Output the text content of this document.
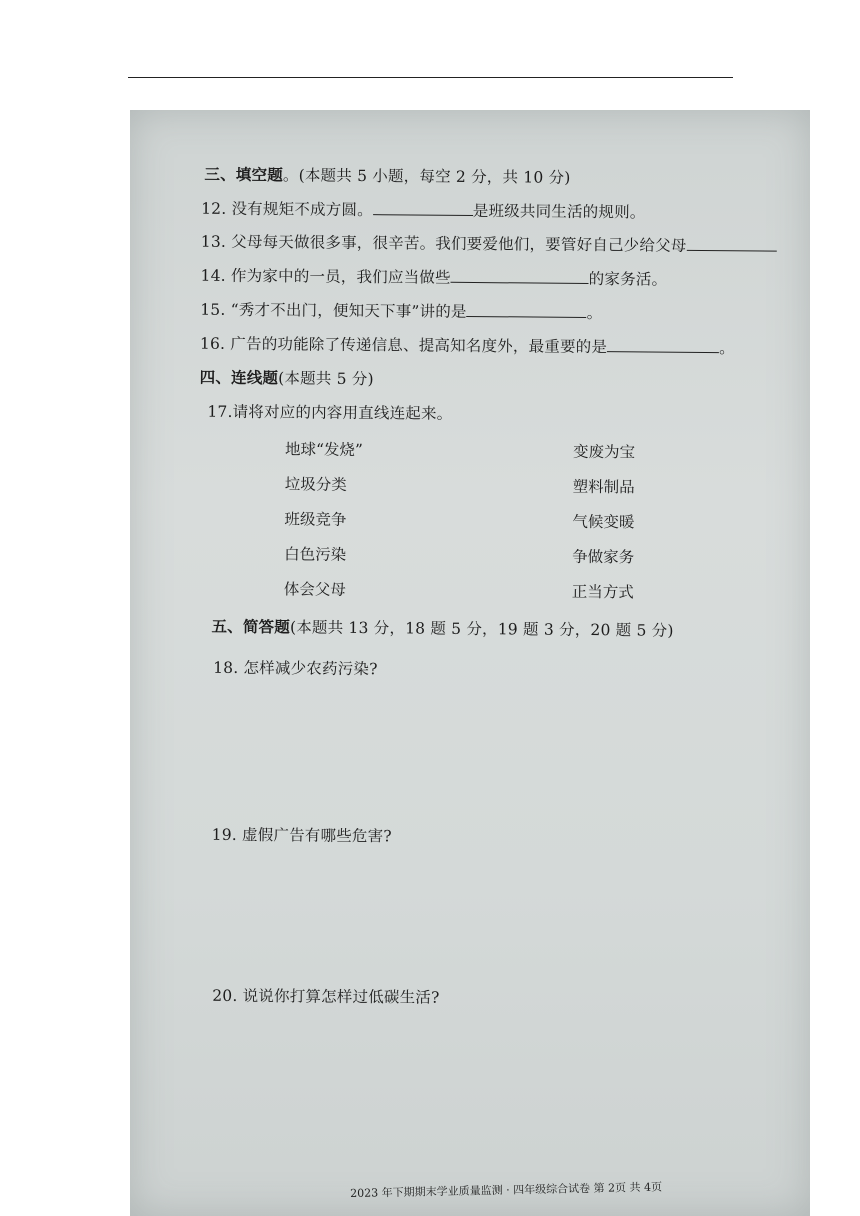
三、填空题。(本题共 5 小题，每空 2 分，共 10 分)
12. 没有规矩不成方圆。	是班级共同生活的规则。
13. 父母每天做很多事，很辛苦。我们要爱他们，要管好自己少给父母
14. 作为家中的一员，我们应当做些	的家务活。
15. “秀才不出门，便知天下事”讲的是	。
16. 广告的功能除了传递信息、提高知名度外，最重要的是	。
四、连线题(本题共 5 分)
17.请将对应的内容用直线连起来。
地球“发烧”
垃圾分类
班级竞争
白色污染
体会父母
变废为宝
塑料制品
气候变暖
争做家务
正当方式
五、简答题(本题共 13 分，18 题 5 分，19 题 3 分，20 题 5 分)
18. 怎样减少农药污染?
19. 虚假广告有哪些危害?
20. 说说你打算怎样过低碳生活?
2023 年下期期末学业质量监测 · 四年级综合试卷 第 2页 共 4页
